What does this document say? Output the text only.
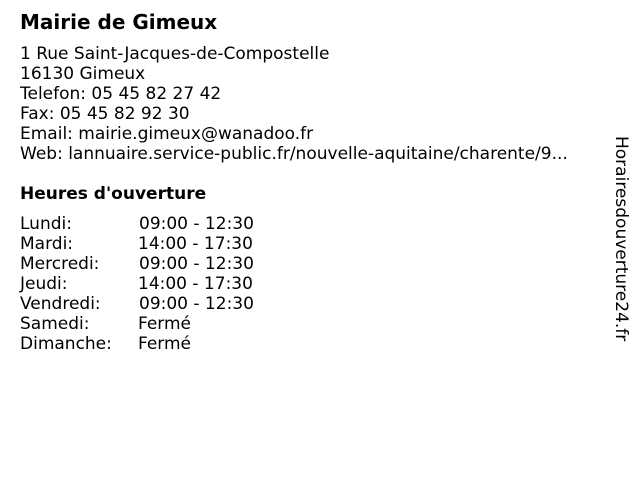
Mairie de Gimeux
1 Rue Saint-Jacques-de-Compostelle
16130 Gimeux
Telefon: 05 45 82 27 42
Fax: 05 45 82 92 30
Email: mairie.gimeux@wanadoo.fr
Web: lannuaire.service-public.fr/nouvelle-aquitaine/charente/9...
Heures d'ouverture
Lundi:	09:00 - 12:30
Mardi:	14:00 - 17:30
Mercredi: 09:00 - 12:30
Jeudi:	14:00 - 17:30
Vendredi: 09:00 - 12:30
Samedi:	Fermé
Dimanche: Fermé
Horairesdouverture24.fr
